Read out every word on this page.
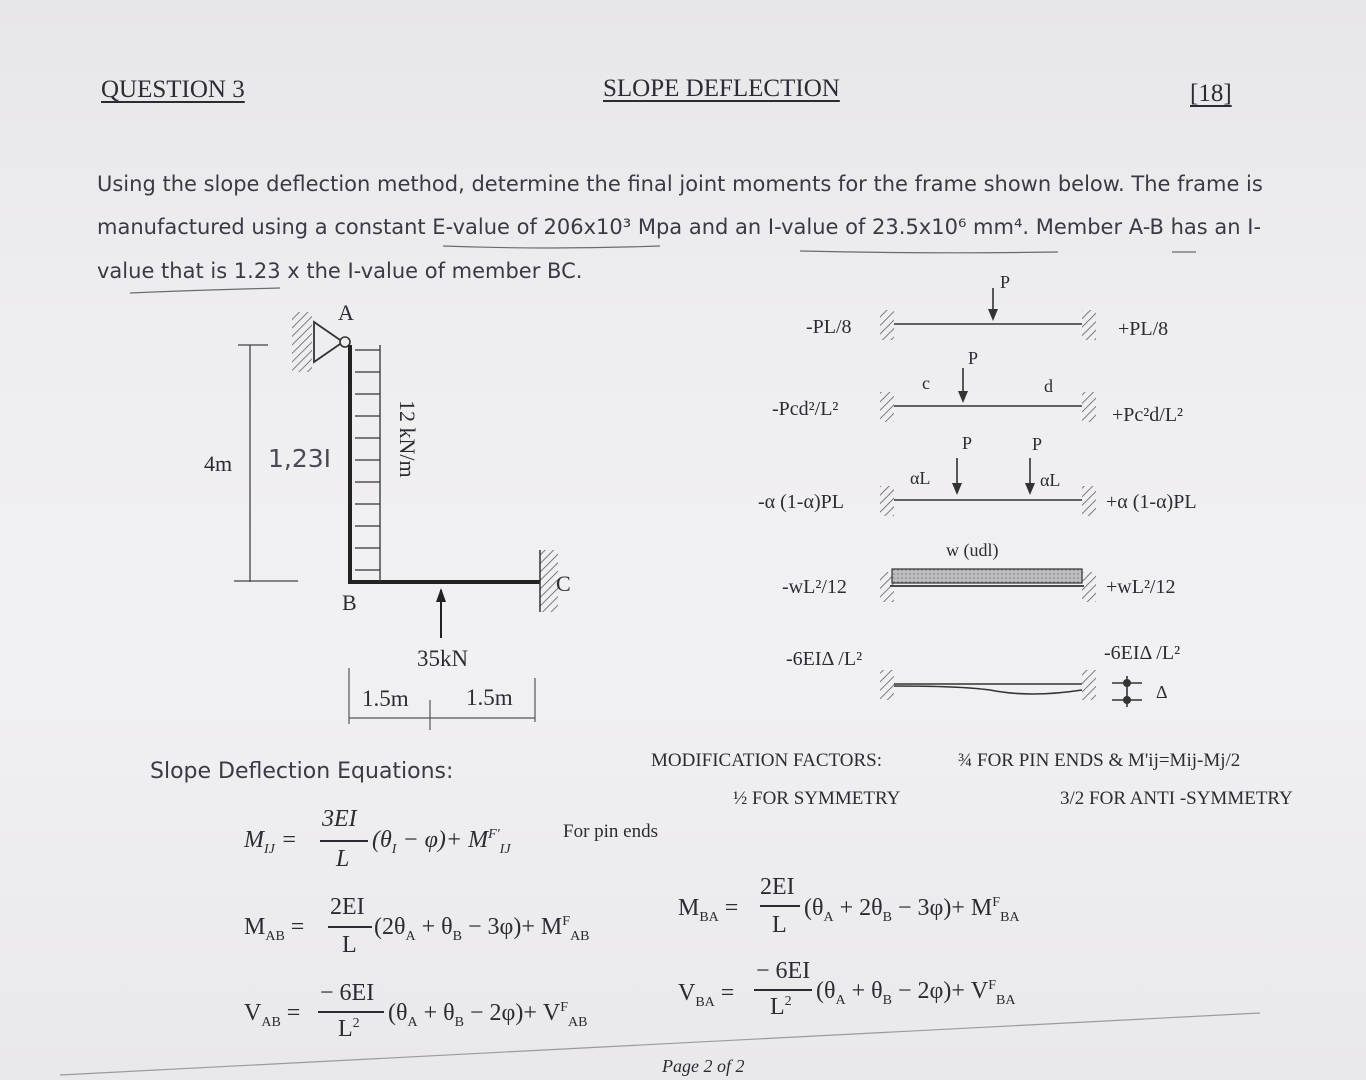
QUESTION 3	SLOPE DEFLECTION	[18]
Using the slope deflection method, determine the final joint moments for the frame shown below. The frame is
manufactured using a constant E-value of 206x10³ Mpa and an I-value of 23.5x10⁶ mm⁴. Member A-B has an I-
value that is 1.23 x the I-value of member BC.
A
B
C
4m 1,23I	12 kN/m
35kN
1.5m 1.5m
-PL/8	+PL/8
P
-Pcd²/L²	+Pc²d/L²
c
P
d
-α (1-α)PL	+α (1-α)PL
αL
P	P
αL
-wL²/12	+wL²/12
w (udl)
-6EIΔ /L²	-6EIΔ /L²
Δ
MODIFICATION FACTORS:	¾ FOR PIN ENDS & M'ij=Mij-Mj/2
½ FOR SYMMETRY	3/2 FOR ANTI -SYMMETRY
Slope Deflection Equations:
$M_{IJ}$ =
3EI
L
$(\theta_I - \varphi)+ M^{F'}_{IJ}$
For pin ends
$M_{AB}$ =
2EI
L
$(2\theta_A + \theta_B - 3\varphi)+ M^F_{AB}$
$M_{BA}$ =
2EI
L
$(\theta_A + 2\theta_B - 3\varphi)+ M^F_{BA}$
$V_{AB}$ =
− 6EI
$L^2$ $(\theta_A + \theta_B - 2\varphi)+ V^F_{AB}$
$V_{BA}$ =
− 6EI
$L^2$ $(\theta_A + \theta_B - 2\varphi)+ V^F_{BA}$
Page 2 of 2
